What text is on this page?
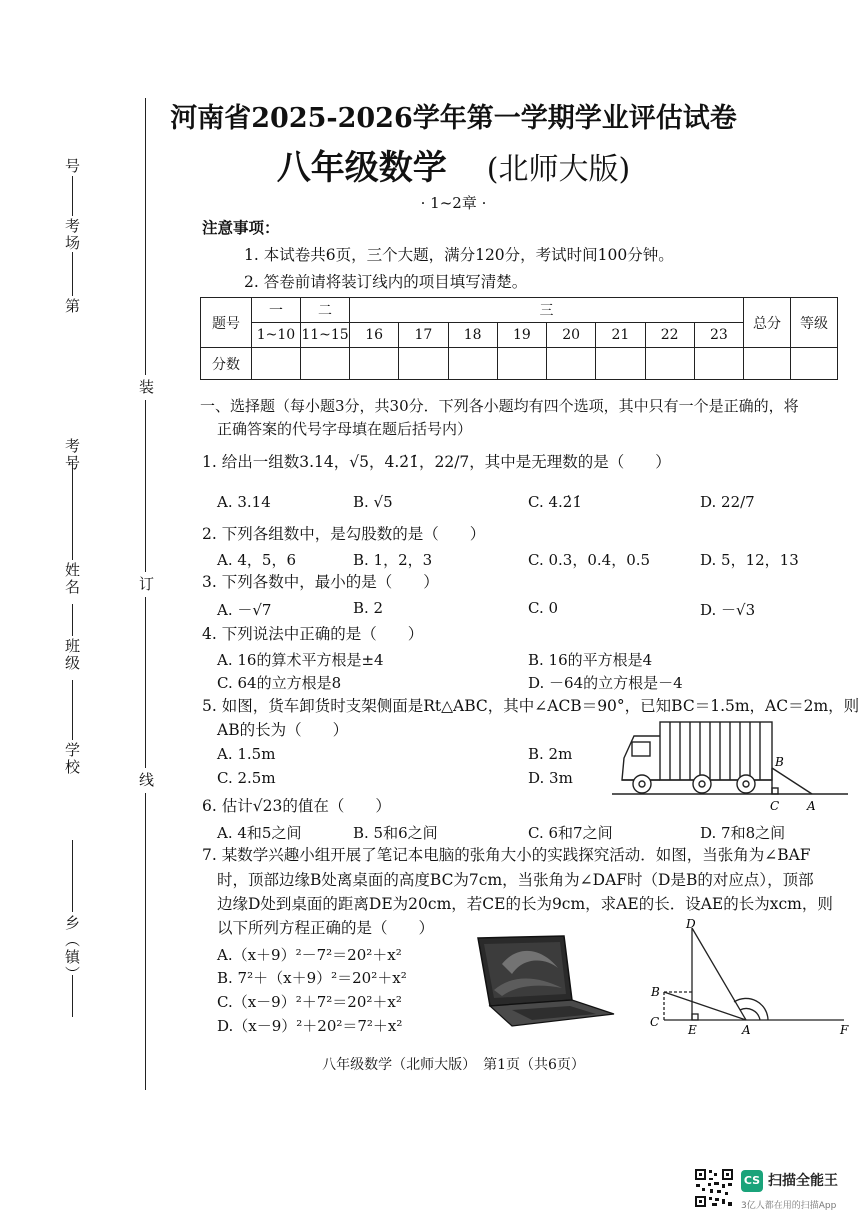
号
考场
第
考号
姓名
班级
学校
乡（镇）
装
订
线
河南省2025-2026学年第一学期学业评估试卷
八年级数学 (北师大版)
· 1~2章 ·
注意事项：
1. 本试卷共6页，三个大题，满分120分，考试时间100分钟。
2. 答卷前请将装订线内的项目填写清楚。
题号	一	二	三								总分	等级
	1~10	11~15	16	17	18	19	20	21	22	23		
分数												
一、选择题（每小题3分，共30分．下列各小题均有四个选项，其中只有一个是正确的，将
正确答案的代号字母填在题后括号内）
1. 给出一组数3.14，√5，4.2̇1̇，22/7，其中是无理数的是（　　）
A. 3.14	B. √5	C. 4.2̇1̇	D. 22/7
2. 下列各组数中，是勾股数的是（　　）
A. 4，5，6	B. 1，2，3	C. 0.3，0.4，0.5	D. 5，12，13
3. 下列各数中，最小的是（　　）
A. －√7	B. 2	C. 0	D. －√3
4. 下列说法中正确的是（　　）
A. 16的算术平方根是±4	B. 16的平方根是4
C. 64的立方根是8	D. －64的立方根是－4
5. 如图，货车卸货时支架侧面是Rt△ABC，其中∠ACB＝90°，已知BC＝1.5m，AC＝2m，则
AB的长为（　　）
A. 1.5m	B. 2m
C. 2.5m	D. 3m
B
C A
6. 估计√23的值在（　　）
A. 4和5之间	B. 5和6之间	C. 6和7之间	D. 7和8之间
7. 某数学兴趣小组开展了笔记本电脑的张角大小的实践探究活动．如图，当张角为∠BAF
时，顶部边缘B处离桌面的高度BC为7cm，当张角为∠DAF时（D是B的对应点），顶部
边缘D处到桌面的距离DE为20cm，若CE的长为9cm，求AE的长．设AE的长为xcm，则
以下所列方程正确的是（　　）
A.（x＋9）²－7²＝20²＋x²
B. 7²＋（x＋9）²＝20²＋x²
C.（x－9）²＋7²＝20²＋x²
D.（x－9）²＋20²＝7²＋x²
D
B
C
E	A	F
八年级数学（北师大版）　第1页（共6页）
CS 扫描全能王
3亿人都在用的扫描App
